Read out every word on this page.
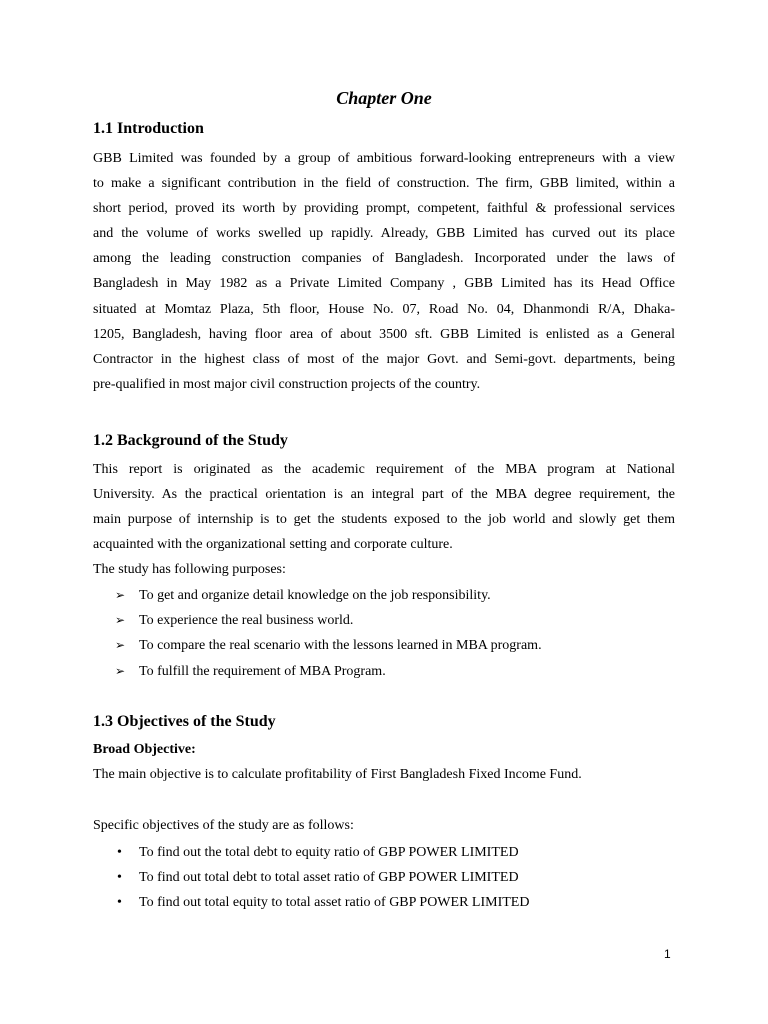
Chapter One
1.1 Introduction
GBB Limited was founded by a group of ambitious forward-looking entrepreneurs with a view
to make a significant contribution in the field of construction. The firm, GBB limited, within a
short period, proved its worth by providing prompt, competent, faithful & professional services
and the volume of works swelled up rapidly. Already, GBB Limited has curved out its place
among the leading construction companies of Bangladesh. Incorporated under the laws of
Bangladesh in May 1982 as a Private Limited Company , GBB Limited has its Head Office
situated at Momtaz Plaza, 5th floor, House No. 07, Road No. 04, Dhanmondi R/A, Dhaka-
1205, Bangladesh, having floor area of about 3500 sft. GBB Limited is enlisted as a General
Contractor in the highest class of most of the major Govt. and Semi-govt. departments, being
pre-qualified in most major civil construction projects of the country.
1.2 Background of the Study
This report is originated as the academic requirement of the MBA program at National
University. As the practical orientation is an integral part of the MBA degree requirement, the
main purpose of internship is to get the students exposed to the job world and slowly get them
acquainted with the organizational setting and corporate culture.
The study has following purposes:
➢ To get and organize detail knowledge on the job responsibility.
➢ To experience the real business world.
➢ To compare the real scenario with the lessons learned in MBA program.
➢ To fulfill the requirement of MBA Program.
1.3 Objectives of the Study
Broad Objective:
The main objective is to calculate profitability of First Bangladesh Fixed Income Fund.
Specific objectives of the study are as follows:
• To find out the total debt to equity ratio of GBP POWER LIMITED
• To find out total debt to total asset ratio of GBP POWER LIMITED
• To find out total equity to total asset ratio of GBP POWER LIMITED
1
